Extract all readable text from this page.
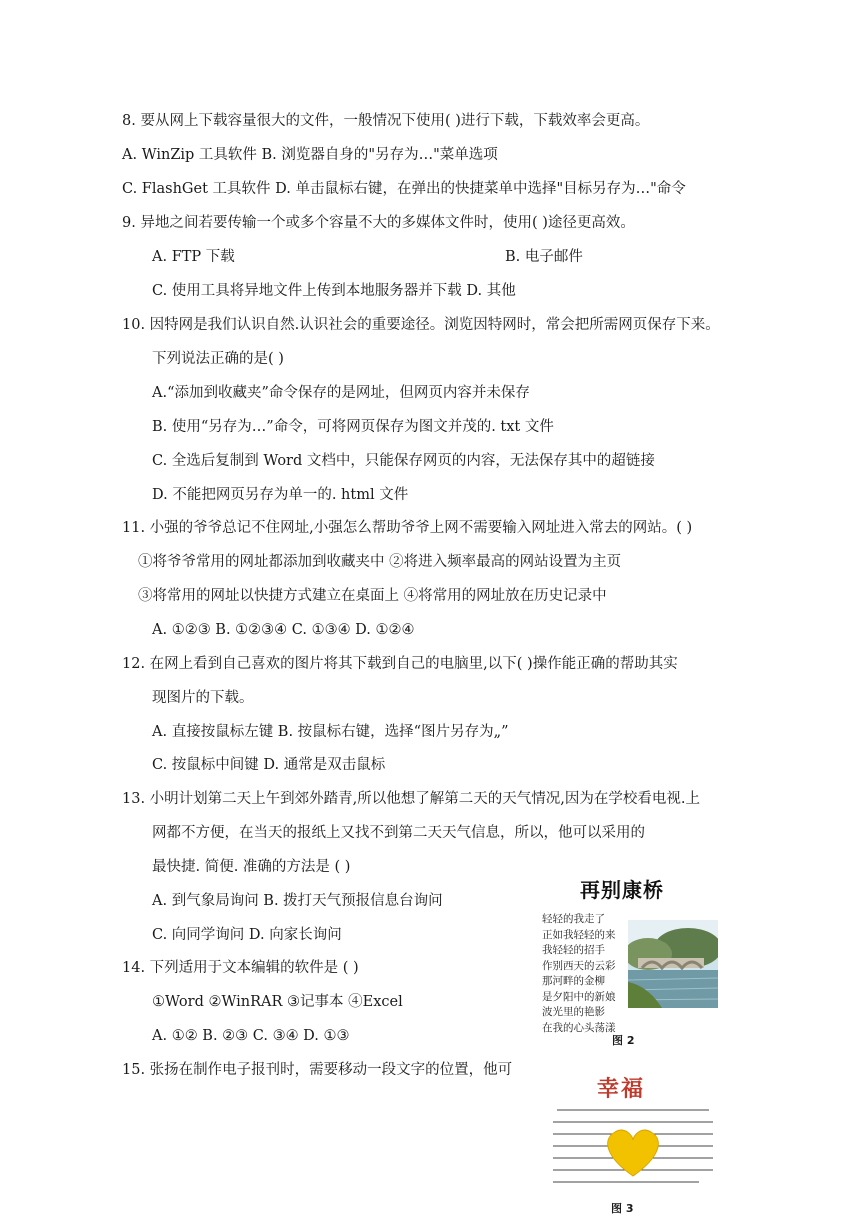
8. 要从网上下载容量很大的文件，一般情况下使用( )进行下载，下载效率会更高。
A. WinZip 工具软件 B. 浏览器自身的"另存为…"菜单选项
C. FlashGet 工具软件 D. 单击鼠标右键，在弹出的快捷菜单中选择"目标另存为…"命令
9. 异地之间若要传输一个或多个容量不大的多媒体文件时，使用( )途径更高效。
A. FTP 下载	B. 电子邮件
C. 使用工具将异地文件上传到本地服务器并下载 D. 其他
10. 因特网是我们认识自然.认识社会的重要途径。浏览因特网时，常会把所需网页保存下来。
下列说法正确的是( )
A.“添加到收藏夹”命令保存的是网址，但网页内容并未保存
B. 使用“另存为…”命令，可将网页保存为图文并茂的. txt 文件
C. 全选后复制到 Word 文档中，只能保存网页的内容，无法保存其中的超链接
D. 不能把网页另存为单一的. html 文件
11. 小强的爷爷总记不住网址,小强怎么帮助爷爷上网不需要输入网址进入常去的网站。( )
①将爷爷常用的网址都添加到收藏夹中 ②将进入频率最高的网站设置为主页
③将常用的网址以快捷方式建立在桌面上 ④将常用的网址放在历史记录中
A. ①②③ B. ①②③④ C. ①③④ D. ①②④
12. 在网上看到自己喜欢的图片将其下载到自己的电脑里,以下( )操作能正确的帮助其实
现图片的下载。
A. 直接按鼠标左键 B. 按鼠标右键，选择“图片另存为„”
C. 按鼠标中间键 D. 通常是双击鼠标
13. 小明计划第二天上午到郊外踏青,所以他想了解第二天的天气情况,因为在学校看电视.上
网都不方便，在当天的报纸上又找不到第二天天气信息，所以，他可以采用的
最快捷. 简便. 准确的方法是 ( )
A. 到气象局询问 B. 拨打天气预报信息台询问
C. 向同学询问 D. 向家长询问
14. 下列适用于文本编辑的软件是 ( )
①Word ②WinRAR ③记事本 ④Excel
A. ①② B. ②③ C. ③④ D. ①③
15. 张扬在制作电子报刊时，需要移动一段文字的位置，他可
再别康桥
轻轻的我走了
正如我轻轻的来
我轻轻的招手
作别西天的云彩
那河畔的金柳
是夕阳中的新娘
波光里的艳影
在我的心头荡漾
图 2
幸福
图 3
